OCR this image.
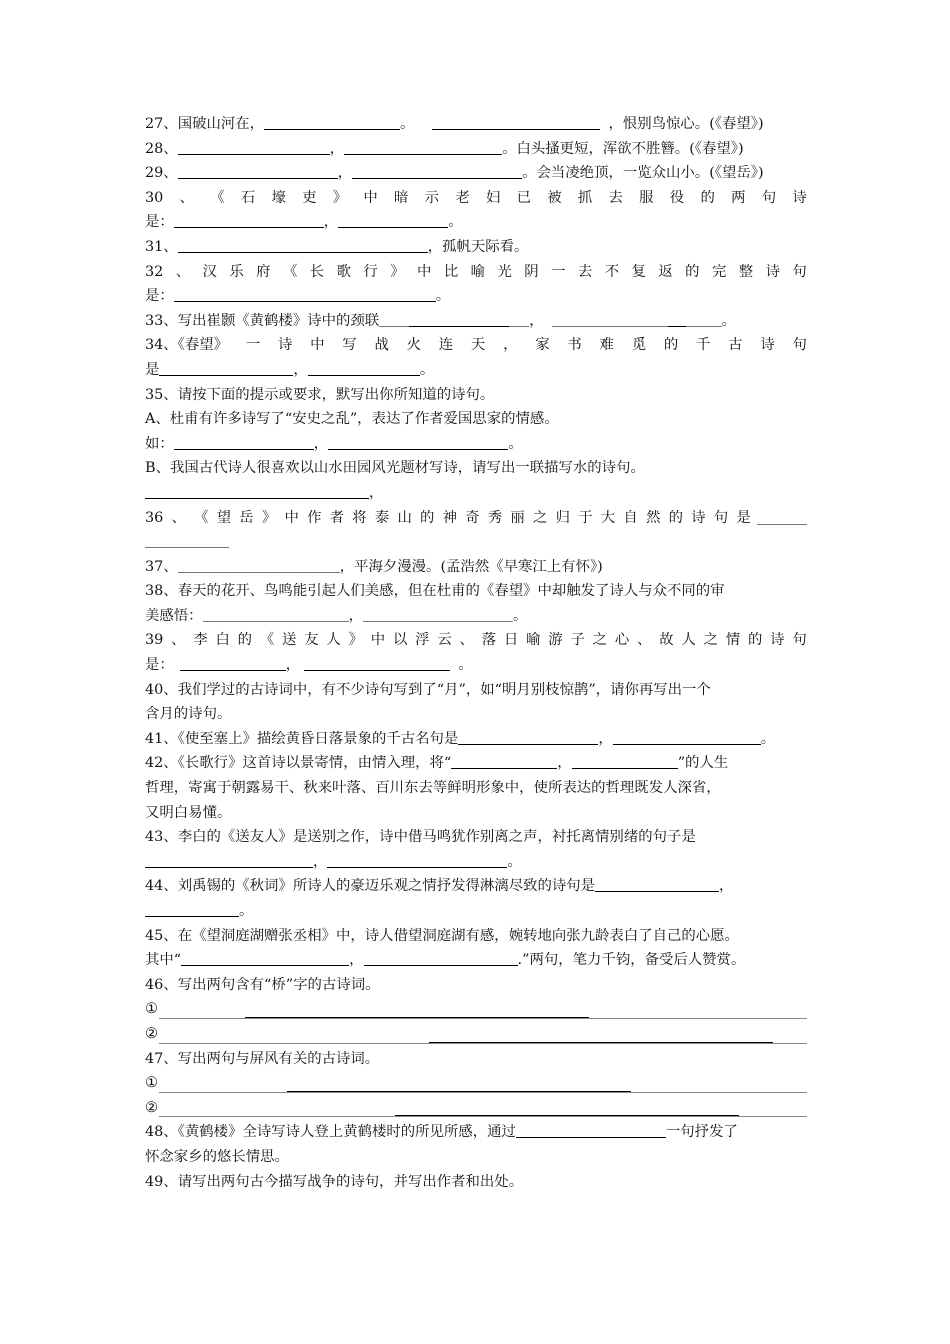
27、国破山河在，	。	，恨别鸟惊心。(《春望》)
28、	，	。白头搔更短，浑欲不胜簪。(《春望》)
29、	，	。会当凌绝顶，一览众山小。(《望岳》)
30 、 《 石 壕 吏 》 中 暗 示 老 妇 已 被 抓 去 服 役 的 两 句 诗
是：	，	。
31、	，孤帆天际看。
32 、 汉 乐 府 《 长 歌 行 》 中 比 喻 光 阴 一 去 不 复 返 的 完 整 诗 句
是：	。
33、写出崔颢《黄鹤楼》诗中的颈联	，	。
34、《春望》 一 诗 中 写 战 火 连 天 ， 家 书 难 觅 的 千 古 诗 句
是	，	。
35、请按下面的提示或要求，默写出你所知道的诗句。
A、杜甫有许多诗写了“安史之乱”，表达了作者爱国思家的情感。
如：	，	。
B、我国古代诗人很喜欢以山水田园风光题材写诗，请写出一联描写水的诗句。
，
36 、 《 望 岳 》 中 作 者 将 泰 山 的 神 奇 秀 丽 之 归 于 大 自 然 的 诗 句 是
37、	，平海夕漫漫。(孟浩然《早寒江上有怀》)
38、春天的花开、鸟鸣能引起人们美感，但在杜甫的《春望》中却触发了诗人与众不同的审
美感悟：	，	。
39 、 李 白 的 《 送 友 人 》 中 以 浮 云 、 落 日 喻 游 子 之 心 、 故 人 之 情 的 诗 句
是：	，	。
40、我们学过的古诗词中，有不少诗句写到了“月”，如“明月别枝惊鹊”，请你再写出一个
含月的诗句。
41、《使至塞上》描绘黄昏日落景象的千古名句是	，	。
42、《长歌行》这首诗以景寄情，由情入理，将“	，	”的人生
哲理，寄寓于朝露易干、秋来叶落、百川东去等鲜明形象中，使所表达的哲理既发人深省，
又明白易懂。
43、李白的《送友人》是送别之作，诗中借马鸣犹作别离之声，衬托离情别绪的句子是
，	。
44、刘禹锡的《秋词》所诗人的豪迈乐观之情抒发得淋漓尽致的诗句是	，
。
45、在《望洞庭湖赠张丞相》中，诗人借望洞庭湖有感，婉转地向张九龄表白了自己的心愿。
其中“	，	.”两句，笔力千钧，备受后人赞赏。
46、写出两句含有“桥”字的古诗词。
①
②
47、写出两句与屏风有关的古诗词。
①
②
48、《黄鹤楼》全诗写诗人登上黄鹤楼时的所见所感，通过	一句抒发了
怀念家乡的悠长情思。
49、请写出两句古今描写战争的诗句，并写出作者和出处。
